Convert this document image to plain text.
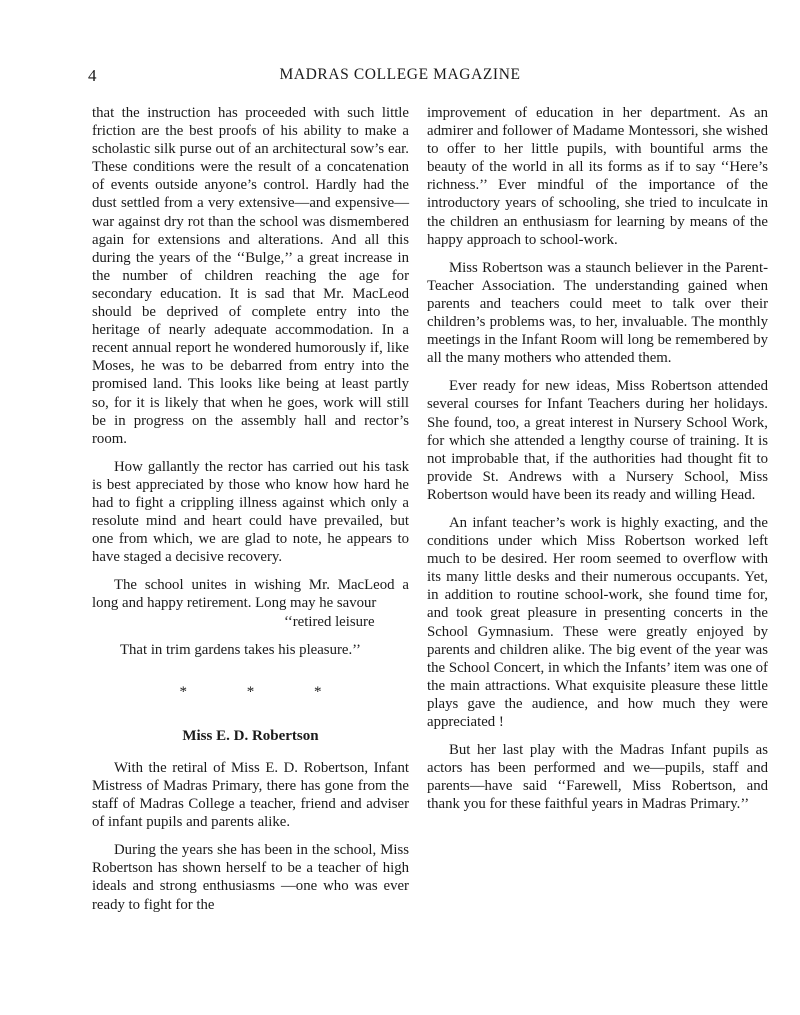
4	MADRAS COLLEGE MAGAZINE

that the instruction has proceeded with such little friction are the best proofs of his ability to make a scholastic silk purse out of an architectural sow’s ear. These conditions were the result of a concatenation of events outside anyone’s control. Hardly had the dust settled from a very extensive—and expensive—war against dry rot than the school was dismembered again for extensions and alterations. And all this during the years of the ‘‘Bulge,’’ a great increase in the number of children reaching the age for secondary education. It is sad that Mr. MacLeod should be deprived of complete entry into the heritage of nearly adequate accommodation. In a recent annual report he wondered humorously if, like Moses, he was to be debarred from entry into the promised land. This looks like being at least partly so, for it is likely that when he goes, work will still be in progress on the assembly hall and rector’s room.

How gallantly the rector has carried out his task is best appreciated by those who know how hard he had to fight a crippling illness against which only a resolute mind and heart could have prevailed, but one from which, we are glad to note, he appears to have staged a decisive recovery.

The school unites in wishing Mr. MacLeod a long and happy retirement. Long may he savour

‘‘retired leisure

That in trim gardens takes his pleasure.’’

* * *
Miss E. D. Robertson

With the retiral of Miss E. D. Robertson, Infant Mistress of Madras Primary, there has gone from the staff of Madras College a teacher, friend and adviser of infant pupils and parents alike.

During the years she has been in the school, Miss Robertson has shown herself to be a teacher of high ideals and strong enthusiasms —one who was ever ready to fight for the

improvement of education in her department. As an admirer and follower of Madame Montessori, she wished to offer to her little pupils, with bountiful arms the beauty of the world in all its forms as if to say ‘‘Here’s richness.’’ Ever mindful of the importance of the introductory years of schooling, she tried to inculcate in the children an enthusiasm for learning by means of the happy approach to school-work.

Miss Robertson was a staunch believer in the Parent-Teacher Association. The understanding gained when parents and teachers could meet to talk over their children’s problems was, to her, invaluable. The monthly meetings in the Infant Room will long be remembered by all the many mothers who attended them.

Ever ready for new ideas, Miss Robertson attended several courses for Infant Teachers during her holidays. She found, too, a great interest in Nursery School Work, for which she attended a lengthy course of training. It is not improbable that, if the authorities had thought fit to provide St. Andrews with a Nursery School, Miss Robertson would have been its ready and willing Head.

An infant teacher’s work is highly exacting, and the conditions under which Miss Robertson worked left much to be desired. Her room seemed to overflow with its many little desks and their numerous occupants. Yet, in addition to routine school-work, she found time for, and took great pleasure in presenting concerts in the School Gymnasium. These were greatly enjoyed by parents and children alike. The big event of the year was the School Concert, in which the Infants’ item was one of the main attractions. What exquisite pleasure these little plays gave the audience, and how much they were appreciated !

But her last play with the Madras Infant pupils as actors has been performed and we—pupils, staff and parents—have said ‘‘Farewell, Miss Robertson, and thank you for these faithful years in Madras Primary.’’
